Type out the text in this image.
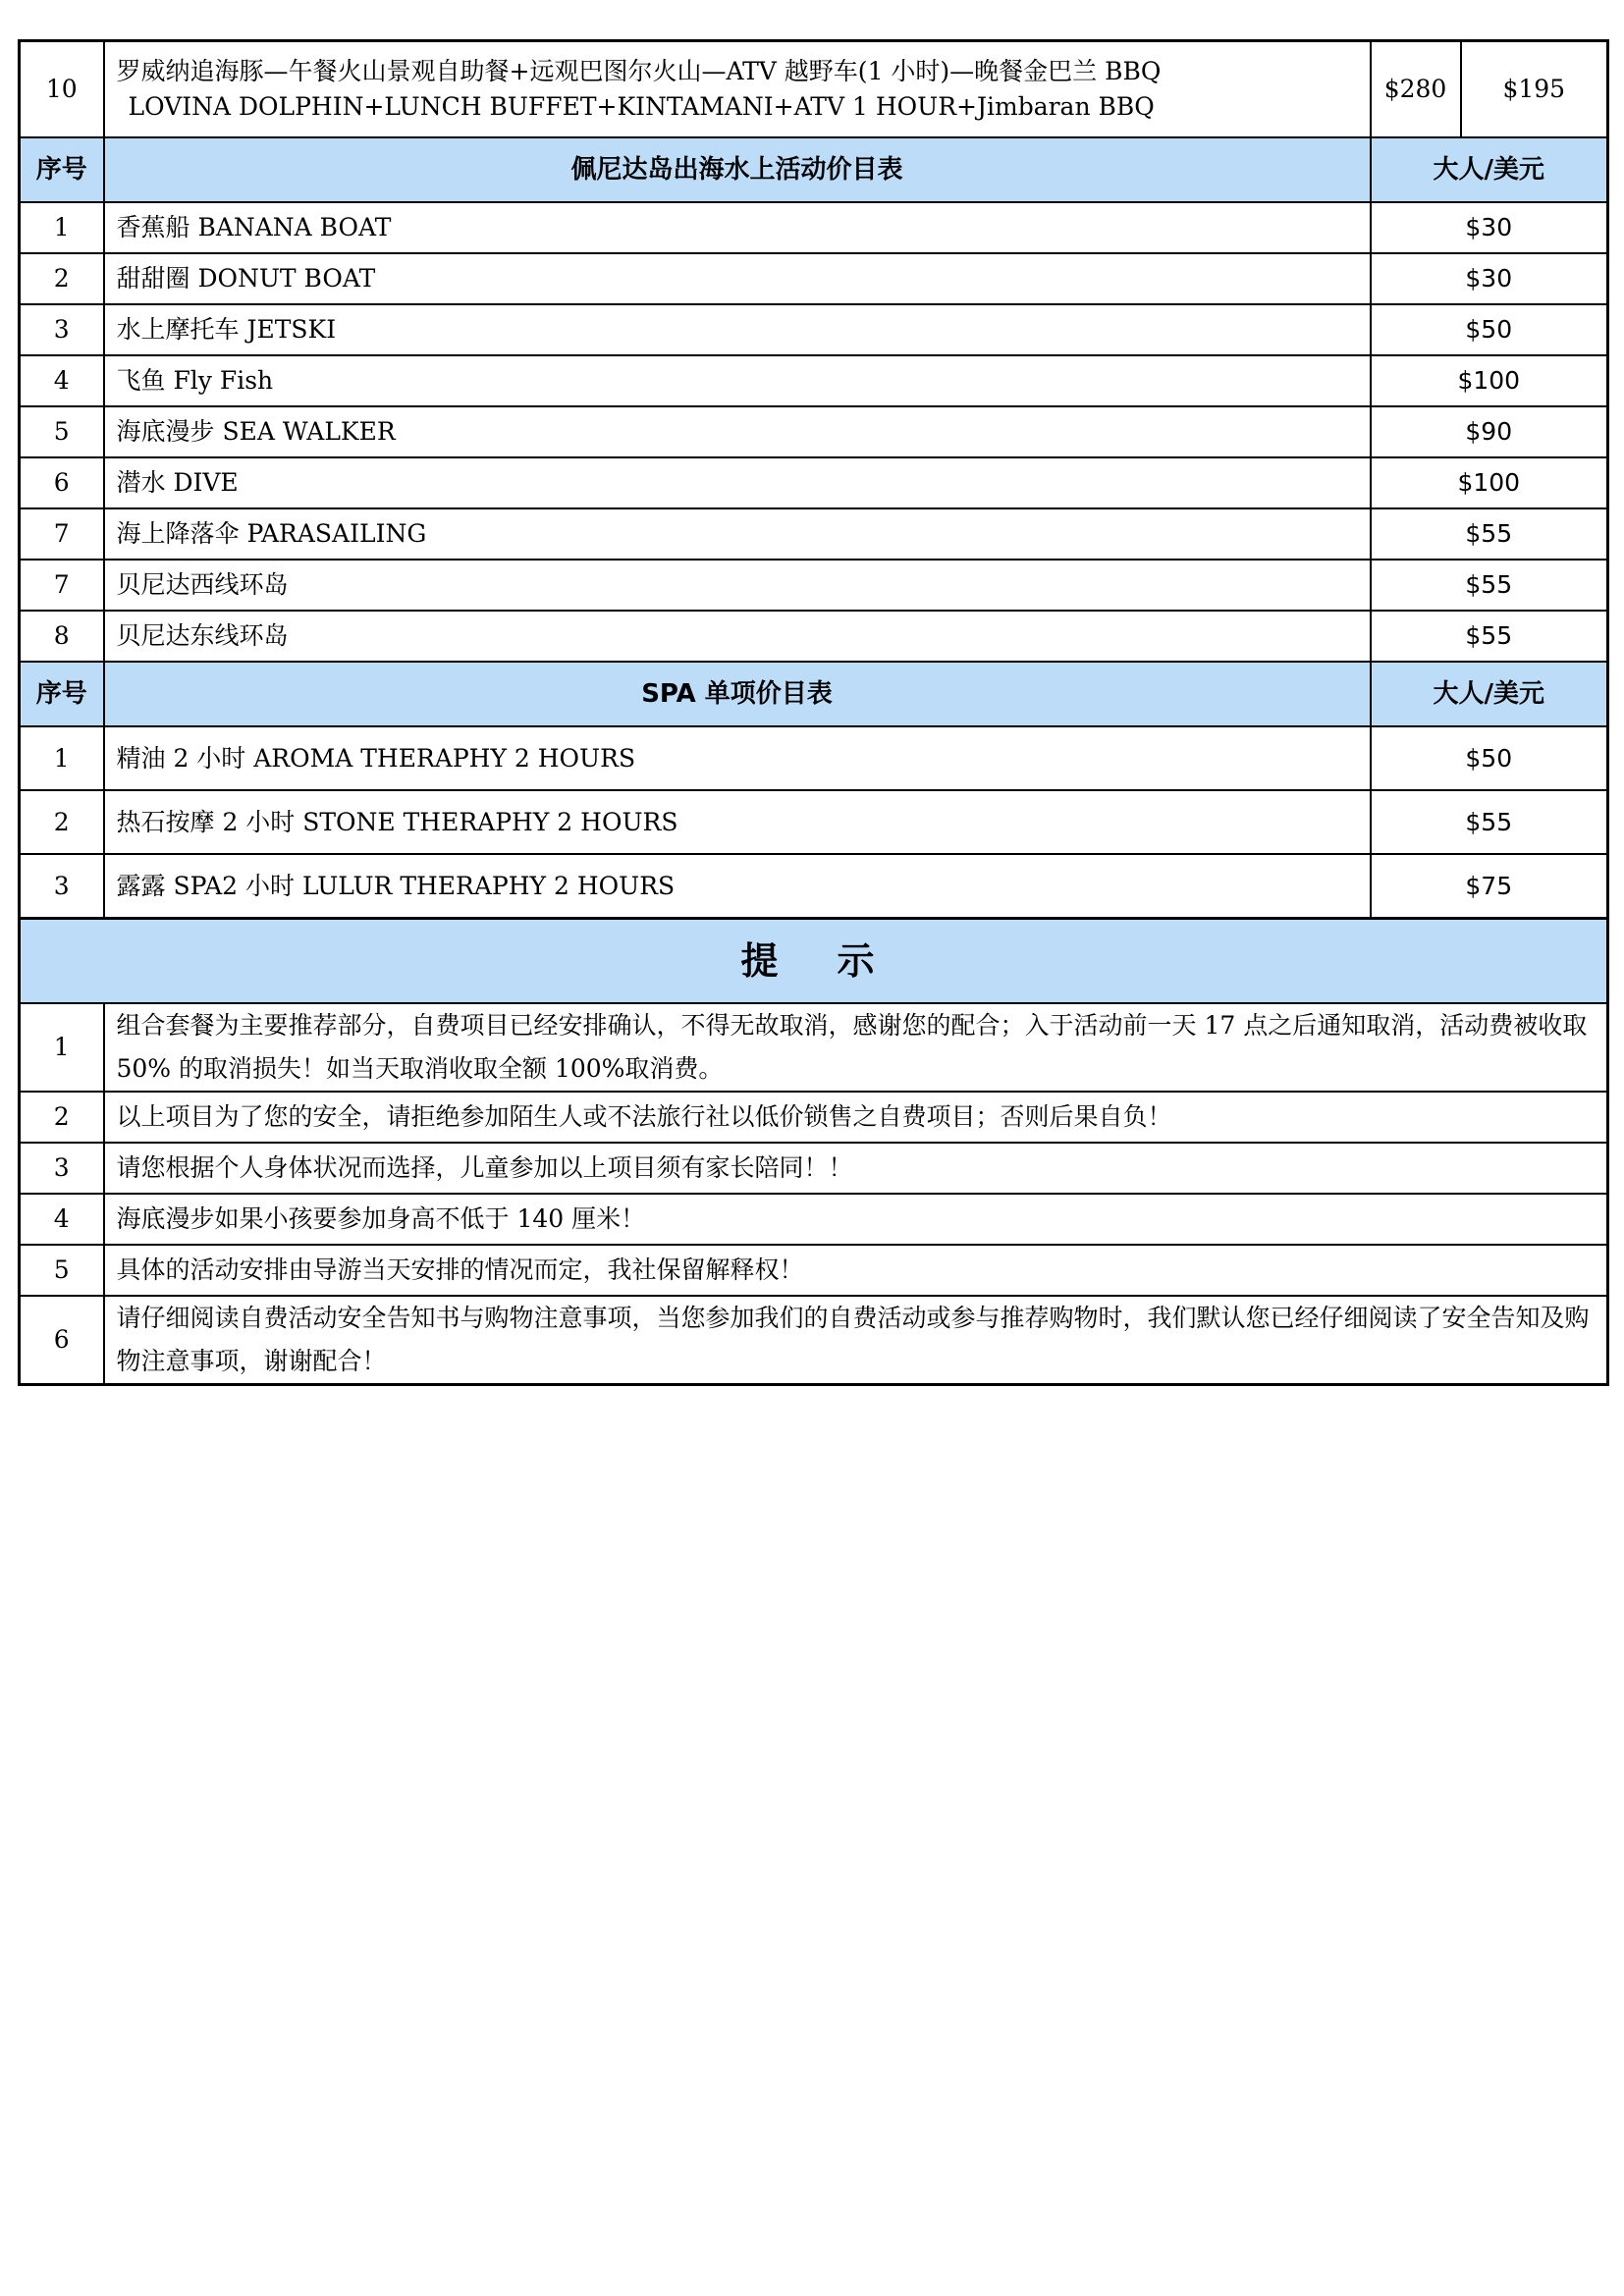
10	罗威纳追海豚—午餐火山景观自助餐+远观巴图尔火山—ATV 越野车(1 小时)—晚餐金巴兰 BBQ
LOVINA DOLPHIN+LUNCH BUFFET+KINTAMANI+ATV 1 HOUR+Jimbaran BBQ	$280	$195
序号	佩尼达岛出海水上活动价目表	大人/美元	
1	香蕉船 BANANA BOAT	$30	
2	甜甜圈 DONUT BOAT	$30	
3	水上摩托车 JETSKI	$50	
4	飞鱼 Fly Fish	$100	
5	海底漫步 SEA WALKER	$90	
6	潜水 DIVE	$100	
7	海上降落伞 PARASAILING	$55	
7	贝尼达西线环岛	$55	
8	贝尼达东线环岛	$55	
序号	SPA 单项价目表	大人/美元	
1	精油 2 小时 AROMA THERAPHY 2 HOURS	$50	
2	热石按摩 2 小时 STONE THERAPHY 2 HOURS	$55	
3	露露 SPA2 小时 LULUR THERAPHY 2 HOURS	$75	
提示			
1	组合套餐为主要推荐部分，自费项目已经安排确认，不得无故取消，感谢您的配合；入于活动前一天 17 点之后通知取消，活动费被收取 50% 的取消损失！如当天取消收取全额 100%取消费。		
2	以上项目为了您的安全，请拒绝参加陌生人或不法旅行社以低价锁售之自费项目；否则后果自负！		
3	请您根据个人身体状况而选择，儿童参加以上项目须有家长陪同！！		
4	海底漫步如果小孩要参加身高不低于 140 厘米！		
5	具体的活动安排由导游当天安排的情况而定，我社保留解释权！		
6	请仔细阅读自费活动安全告知书与购物注意事项，当您参加我们的自费活动或参与推荐购物时，我们默认您已经仔细阅读了安全告知及购物注意事项，谢谢配合！		
